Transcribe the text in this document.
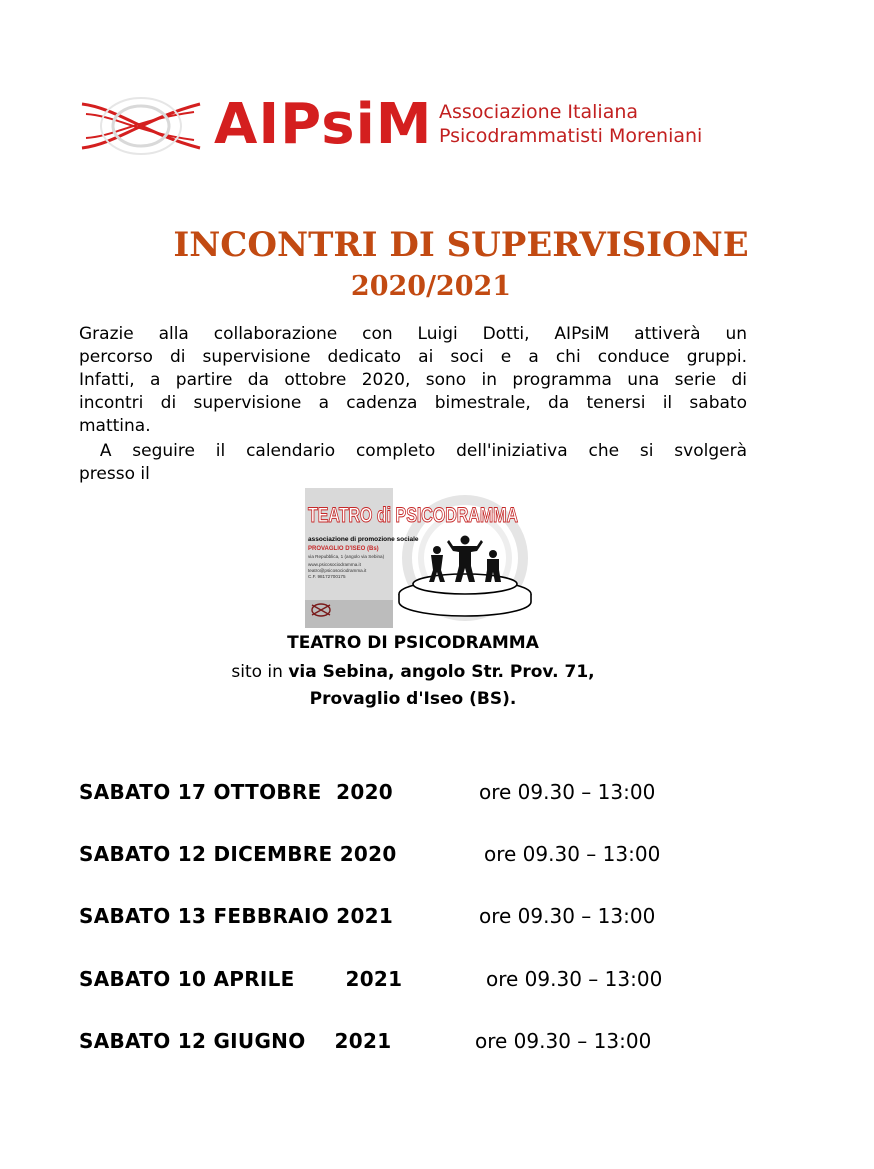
AIPsiM Associazione Italiana
Psicodrammatisti Moreniani
INCONTRI DI SUPERVISIONE
2020/2021
Grazie alla collaborazione con Luigi Dotti, AIPsiM attiverà un
percorso di supervisione dedicato ai soci e a chi conduce gruppi.
Infatti, a partire da ottobre 2020, sono in programma una serie di
incontri di supervisione a cadenza bimestrale, da tenersi il sabato
mattina.
A seguire il calendario completo dell'iniziativa che si svolgerà
presso il
TEATRO di PSICODRAMMA
associazione di promozione sociale
PROVAGLIO D'ISEO (Bs)
via Repubblica, 1 (angolo via Sebina)
www.psicosociodramma.it
teatro@psicosociodramma.it
C.F. 98172700175
TEATRO DI PSICODRAMMA
sito in via Sebina, angolo Str. Prov. 71,
Provaglio d'Iseo (BS).
SABATO 17 OTTOBRE  2020	ore 09.30 – 13:00
SABATO 12 DICEMBRE 2020	ore 09.30 – 13:00
SABATO 13 FEBBRAIO 2021	ore 09.30 – 13:00
SABATO 10 APRILE       2021	ore 09.30 – 13:00
SABATO 12 GIUGNO    2021	ore 09.30 – 13:00
